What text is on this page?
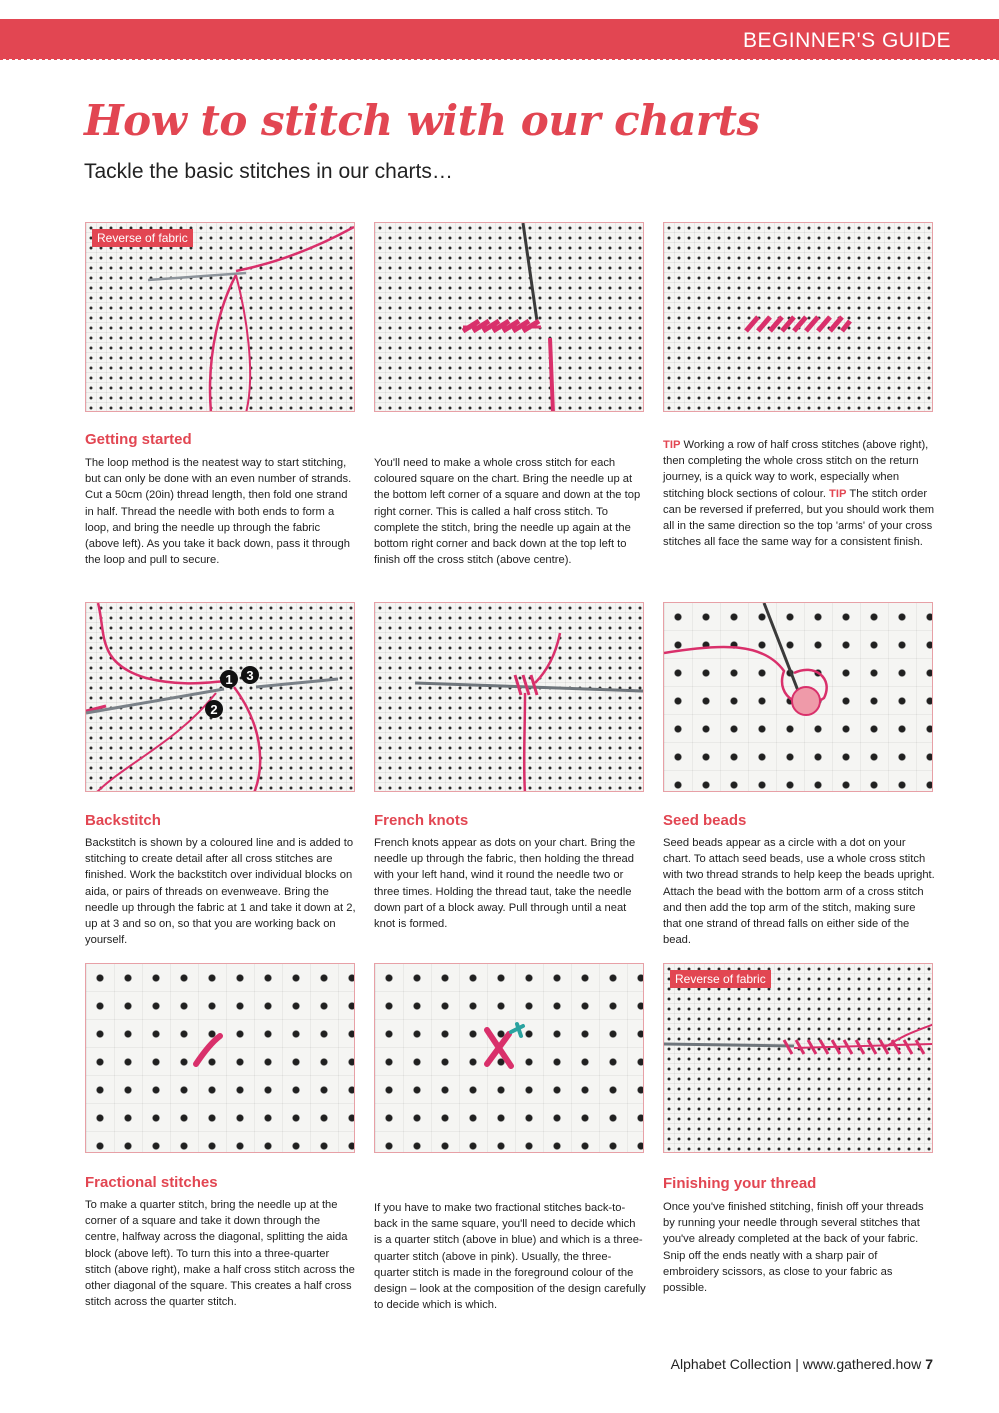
BEGINNER'S GUIDE
How to stitch with our charts
Tackle the basic stitches in our charts…
Reverse of fabric
Getting started

The loop method is the neatest way to start stitching, but can only be done with an even number of strands. Cut a 50cm (20in) thread length, then fold one strand in half. Thread the needle with both ends to form a loop, and bring the needle up through the fabric (above left). As you take it back down, pass it through the loop and pull to secure.

You'll need to make a whole cross stitch for each coloured square on the chart. Bring the needle up at the bottom left corner of a square and down at the top right corner. This is called a half cross stitch. To complete the stitch, bring the needle up again at the bottom right corner and back down at the top left to finish off the cross stitch (above centre).

TIP Working a row of half cross stitches (above right), then completing the whole cross stitch on the return journey, is a quick way to work, especially when stitching block sections of colour. TIP The stitch order can be reversed if preferred, but you should work them all in the same direction so the top 'arms' of your cross stitches all face the same way for a consistent finish.

1 3
2
Backstitch

Backstitch is shown by a coloured line and is added to stitching to create detail after all cross stitches are finished. Work the backstitch over individual blocks on aida, or pairs of threads on evenweave. Bring the needle up through the fabric at 1 and take it down at 2, up at 3 and so on, so that you are working back on yourself.

French knots

French knots appear as dots on your chart. Bring the needle up through the fabric, then holding the thread with your left hand, wind it round the needle two or three times. Holding the thread taut, take the needle down part of a block away. Pull through until a neat knot is formed.

Seed beads

Seed beads appear as a circle with a dot on your chart. To attach seed beads, use a whole cross stitch with two thread strands to help keep the beads upright. Attach the bead with the bottom arm of a cross stitch and then add the top arm of the stitch, making sure that one strand of thread falls on either side of the bead.

Reverse of fabric
Fractional stitches

To make a quarter stitch, bring the needle up at the corner of a square and take it down through the centre, halfway across the diagonal, splitting the aida block (above left). To turn this into a three-quarter stitch (above right), make a half cross stitch across the other diagonal of the square. This creates a half cross stitch across the quarter stitch.

If you have to make two fractional stitches back-to-back in the same square, you'll need to decide which is a quarter stitch (above in blue) and which is a three-quarter stitch (above in pink). Usually, the three-quarter stitch is made in the foreground colour of the design – look at the composition of the design carefully to decide which is which.

Finishing your thread

Once you've finished stitching, finish off your threads by running your needle through several stitches that you've already completed at the back of your fabric. Snip off the ends neatly with a sharp pair of embroidery scissors, as close to your fabric as possible.

Alphabet Collection | www.gathered.how 7
